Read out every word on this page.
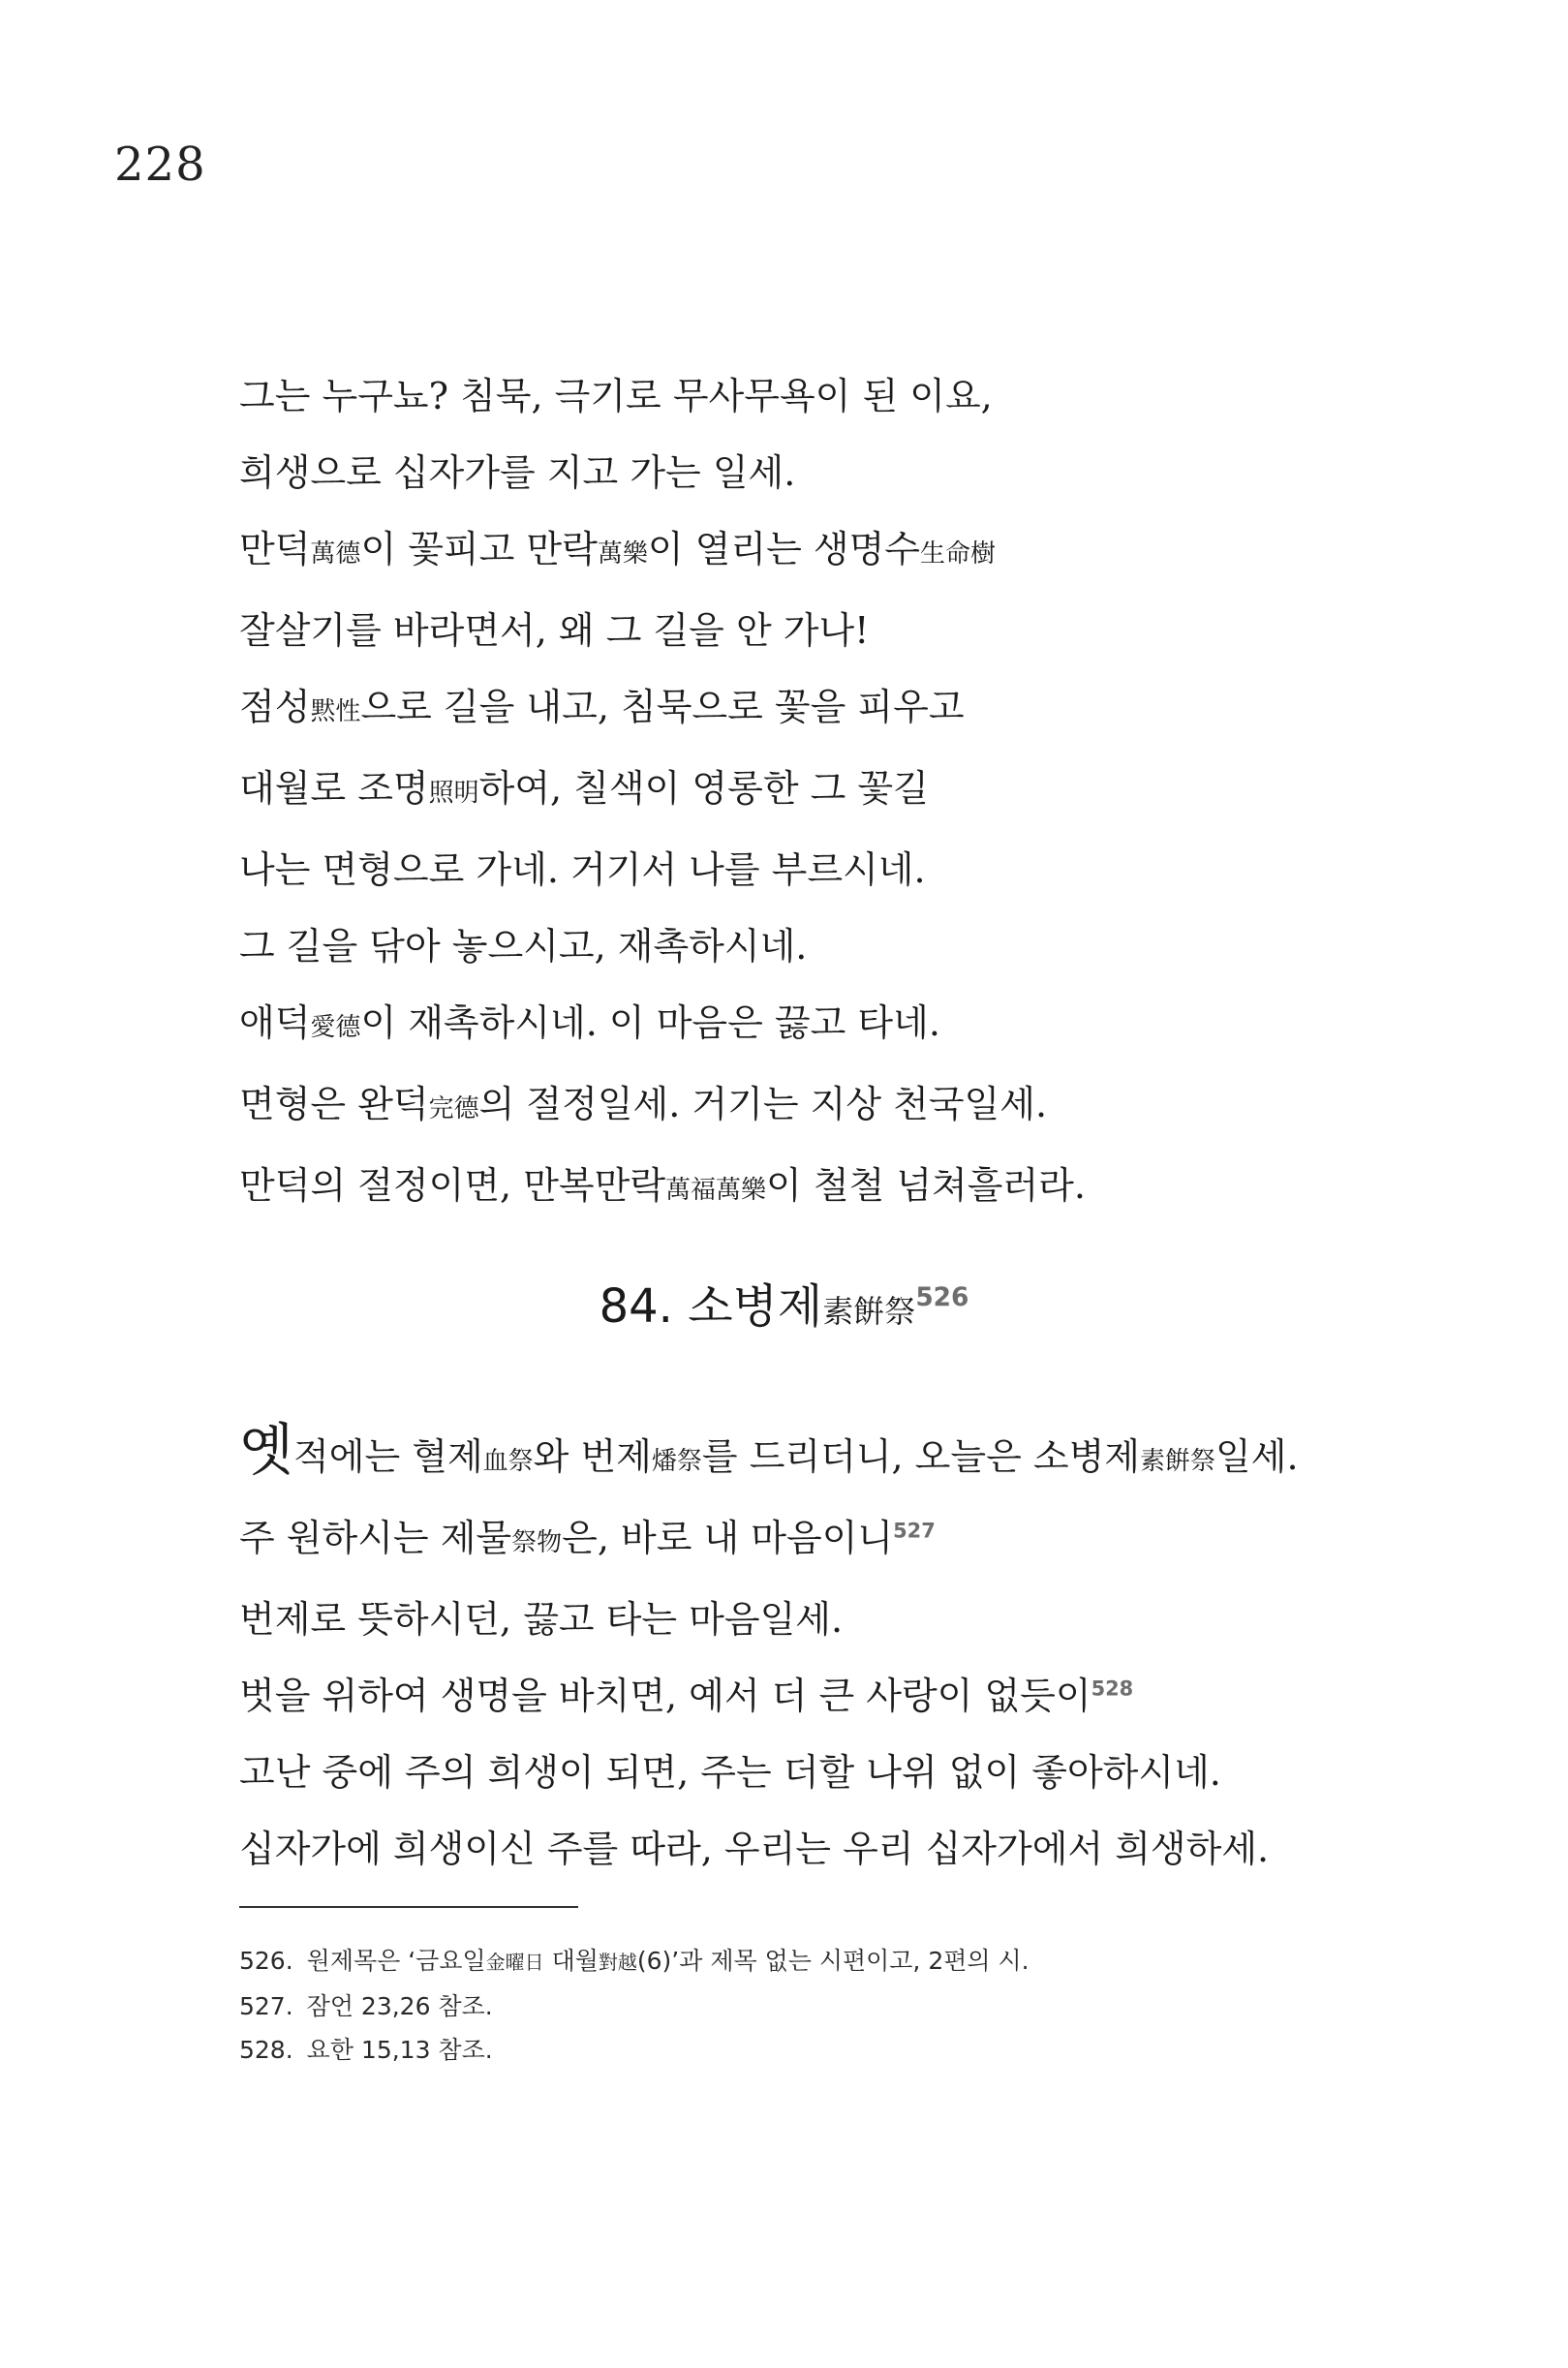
228
그는 누구뇨? 침묵, 극기로 무사무욕이 된 이요,
희생으로 십자가를 지고 가는 일세.
만덕萬德이 꽃피고 만락萬樂이 열리는 생명수生命樹
잘살기를 바라면서, 왜 그 길을 안 가나!
점성黙性으로 길을 내고, 침묵으로 꽃을 피우고
대월로 조명照明하여, 칠색이 영롱한 그 꽃길
나는 면형으로 가네. 거기서 나를 부르시네.
그 길을 닦아 놓으시고, 재촉하시네.
애덕愛德이 재촉하시네. 이 마음은 끓고 타네.
면형은 완덕完德의 절정일세. 거기는 지상 천국일세.
만덕의 절정이면, 만복만락萬福萬樂이 철철 넘쳐흘러라.
84. 소병제素餠祭$^{526}$
옛적에는 혈제血祭와 번제燔祭를 드리더니, 오늘은 소병제素餠祭일세.
주 원하시는 제물祭物은, 바로 내 마음이니$^{527}$
번제로 뜻하시던, 끓고 타는 마음일세.
벗을 위하여 생명을 바치면, 예서 더 큰 사랑이 없듯이$^{528}$
고난 중에 주의 희생이 되면, 주는 더할 나위 없이 좋아하시네.
십자가에 희생이신 주를 따라, 우리는 우리 십자가에서 희생하세.
526. 원제목은 ‘금요일金曜日 대월對越(6)’과 제목 없는 시편이고, 2편의 시.
527. 잠언 23,26 참조.
528. 요한 15,13 참조.
